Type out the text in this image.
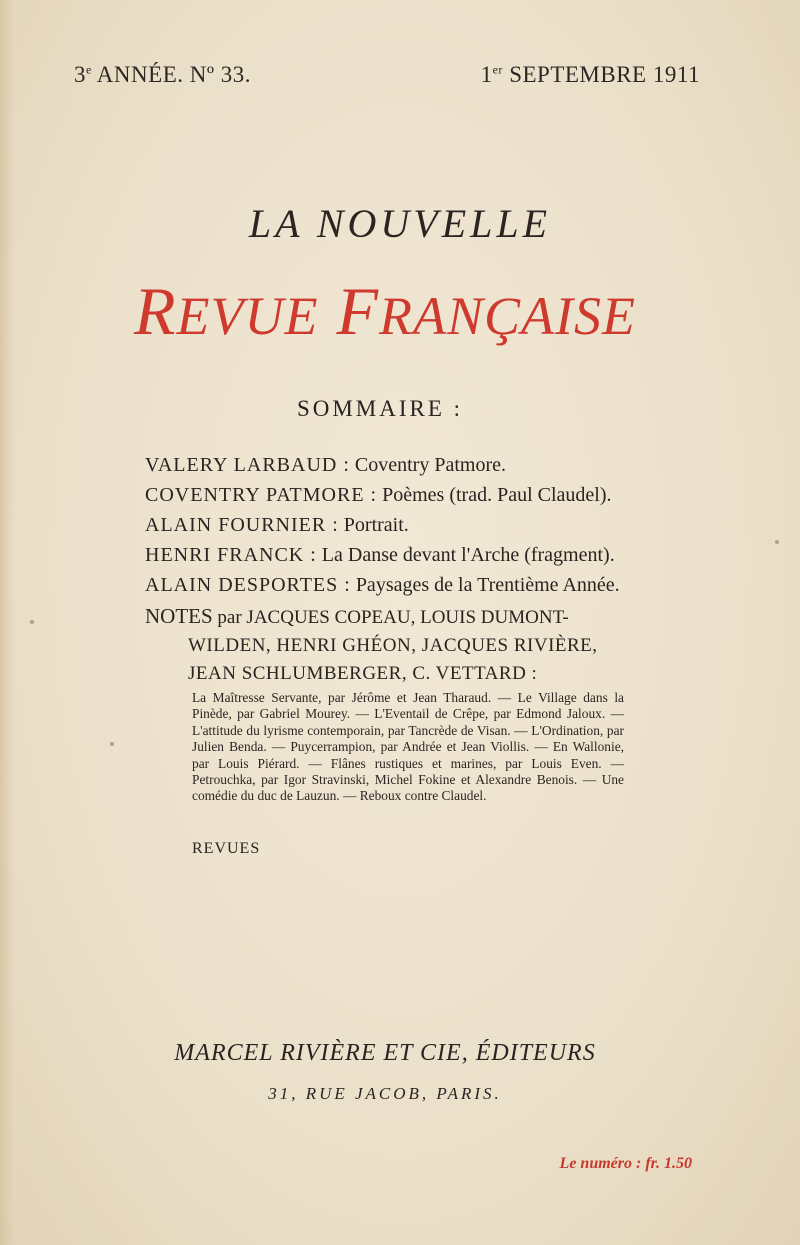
3e ANNÉE. Nº 33.	1er SEPTEMBRE 1911
LA NOUVELLE
REVUE FRANÇAISE
SOMMAIRE :
VALERY LARBAUD : Coventry Patmore.
COVENTRY PATMORE : Poèmes (trad. Paul Claudel).
ALAIN FOURNIER : Portrait.
HENRI FRANCK : La Danse devant l'Arche (fragment).
ALAIN DESPORTES : Paysages de la Trentième Année.
NOTES par JACQUES COPEAU, LOUIS DUMONT-
WILDEN, HENRI GHÉON, JACQUES RIVIÈRE,
JEAN SCHLUMBERGER, C. VETTARD :
La Maîtresse Servante, par Jérôme et Jean Tharaud. — Le Village dans la Pinède, par Gabriel Mourey. — L'Eventail de Crêpe, par Edmond Jaloux. — L'attitude du lyrisme contemporain, par Tancrède de Visan. — L'Ordination, par Julien Benda. — Puycerrampion, par Andrée et Jean Viollis. — En Wallonie, par Louis Piérard. — Flânes rustiques et marines, par Louis Even. — Petrouchka, par Igor Stravinski, Michel Fokine et Alexandre Benois. — Une comédie du duc de Lauzun. — Reboux contre Claudel.
REVUES
MARCEL RIVIÈRE ET CIE, ÉDITEURS
31, RUE JACOB, PARIS.
Le numéro : fr. 1.50
